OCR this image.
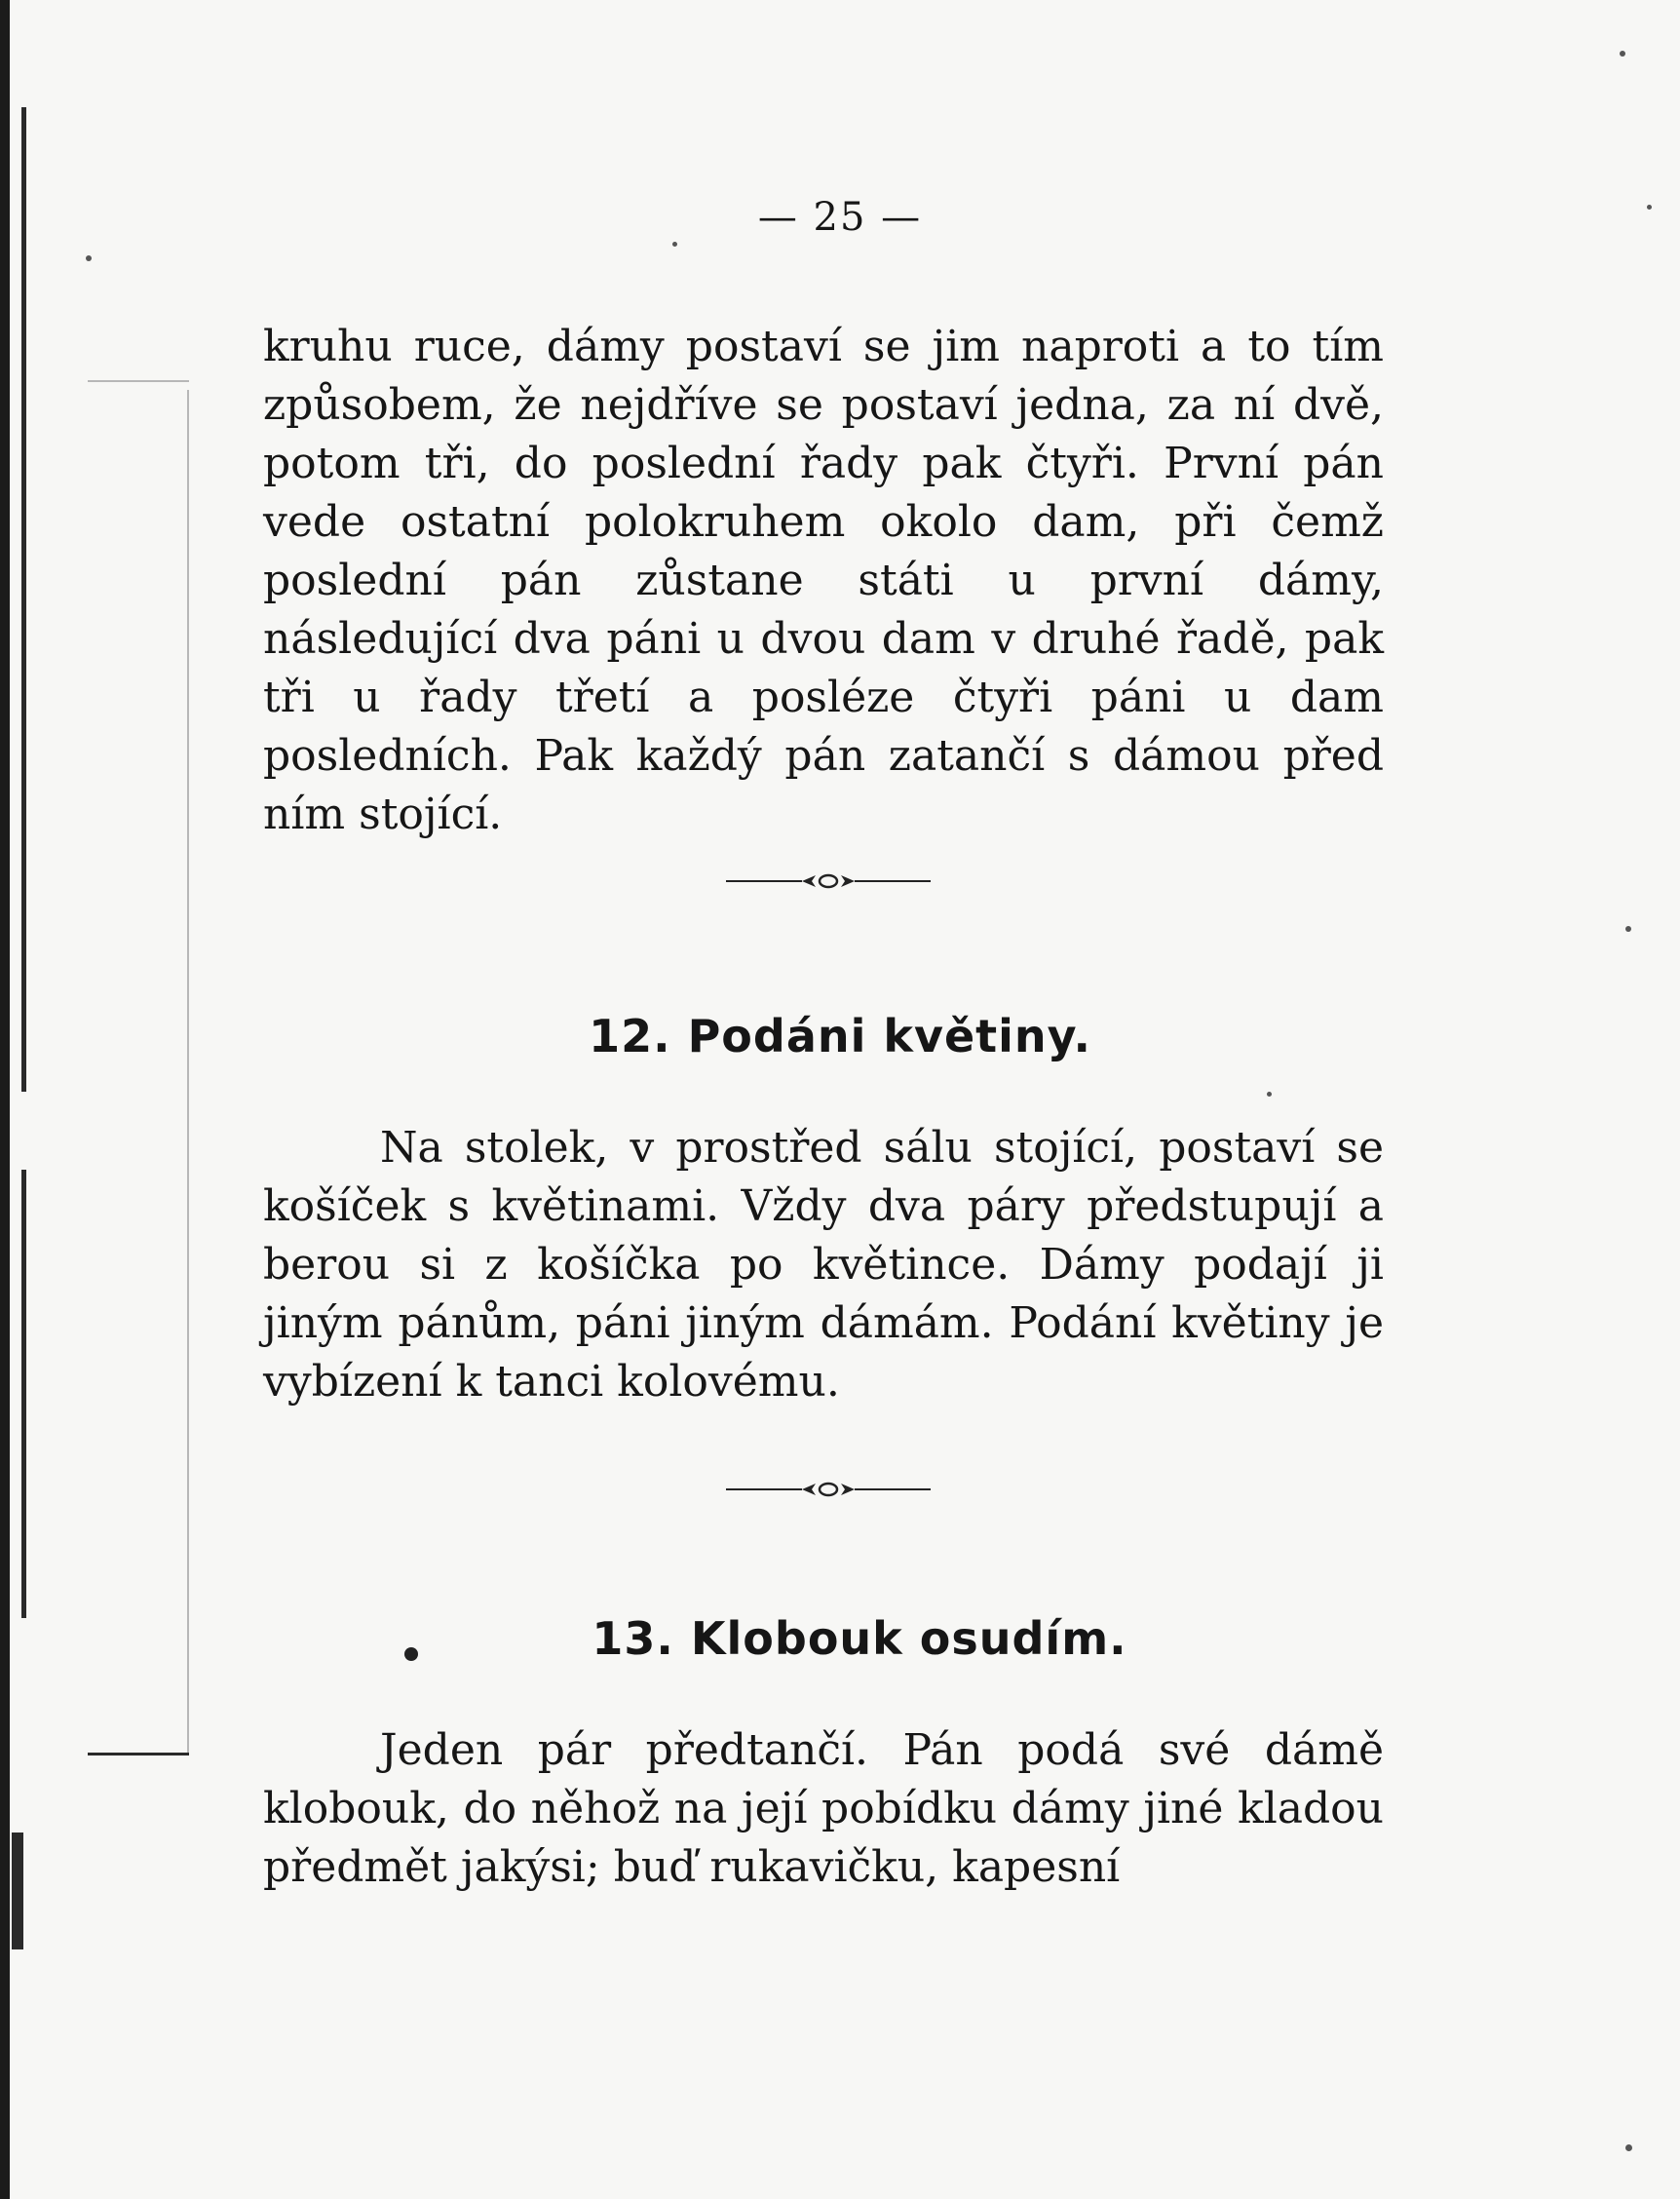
— 25 —

kruhu ruce, dámy postaví se jim naproti a to tím způsobem, že nejdříve se postaví jedna, za ní dvě, potom tři, do poslední řady pak čtyři. První pán vede ostatní polokruhem okolo dam, při čemž poslední pán zůstane státi u první dámy, následující dva páni u dvou dam v druhé řadě, pak tři u řady třetí a posléze čtyři páni u dam posledních. Pak každý pán zatančí s dámou před ním stojící.

12. Podáni květiny.

Na stolek, v prostřed sálu stojící, postaví se košíček s květinami. Vždy dva páry předstupují a berou si z košíčka po květince. Dámy podají ji jiným pánům, páni jiným dámám. Podání květiny je vybízení k tanci kolovému.

13. Klobouk osudím.

Jeden pár předtančí. Pán podá své dámě klobouk, do něhož na její pobídku dámy jiné kladou předmět jakýsi; buď rukavičku, kapesní
